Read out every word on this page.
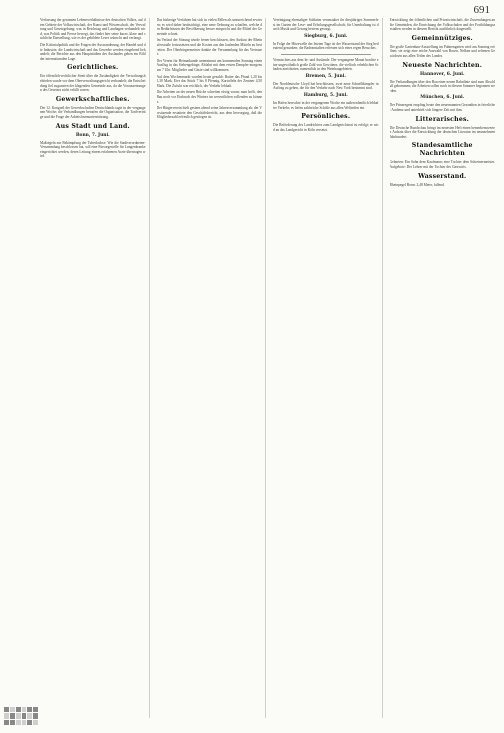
691
Verfassung der gesamten Lebensverhältnisse des deutschen Volkes, auf dem Gebiete der Volkswirtschaft, der Kunst und Wissenschaft, der Verwaltung und Gesetzgebung; was in Reichstag und Landtagen verhandelt wird, was Politik und Presse bewegt, das findet hier seine kurze, klare und sachliche Darstellung, wie es der gebildete Leser wünscht und verlangt.
Die Kolonialpolitik und die Fragen der Auswanderung, der Handel und die Industrie, die Landwirtschaft und das Gewerbe werden eingehend behandelt; die Berichte aus den Hauptstädten des Auslandes geben ein Bild der internationalen Lage.
Gerichtliches.
Ein öffentlich-rechtlicher Streit über die Zuständigkeit der Verwaltungsbehörden wurde vor dem Oberverwaltungsgericht verhandelt; die Entscheidung fiel zugunsten der klagenden Gemeinde aus, da die Voraussetzungen des Gesetzes nicht erfüllt waren.
Gewerkschaftliches.
Der 12. Kongreß der Gewerkschaften Deutschlands tagte in der vergangenen Woche; die Verhandlungen betrafen die Organisation, die Tarifverträge und die Frage der Arbeitslosenunterstützung.
Aus Stadt und Land.
Bonn, 7. Juni.
Maßregeln zur Bekämpfung der Tuberkulose. Wie die Stadtverordneten-Versammlung beschlossen hat, soll eine Fürsorgestelle für Lungenkranke eingerichtet werden, deren Leitung einem erfahrenen Arzte übertragen wird.
Das bisherige Verfahren hat sich in vielen Fällen als unzureichend erwiesen; es wird daher beabsichtigt, eine neue Ordnung zu schaffen, welche den Bedürfnissen der Bevölkerung besser entspricht und die Mittel der Gemeinde schont.
Im Verlauf der Sitzung wurde ferner beschlossen, den Ausbau der Rheinuferstraße fortzusetzen und die Kosten aus den laufenden Mitteln zu bestreiten. Der Oberbürgermeister dankte der Versammlung für das Vertrauen.
Der Verein für Heimatkunde unternimmt am kommenden Sonntag einen Ausflug in das Siebengebirge; Abfahrt mit dem ersten Dampfer morgens um 7 Uhr. Mitglieder und Gäste sind willkommen.
Auf dem Wochenmarkt wurden heute gezahlt: Butter das Pfund 1,20 bis 1,30 Mark, Eier das Stück 7 bis 8 Pfennig, Kartoffeln der Zentner 4,50 Mark. Die Zufuhr war reichlich, der Verkehr lebhaft.
Die Arbeiten an der neuen Brücke schreiten rüstig voran; man hofft, den Bau noch vor Einbruch des Winters im wesentlichen vollenden zu können.
Der Bürgerverein hielt gestern abend seine Jahresversammlung ab; der Vorsitzende erstattete den Geschäftsbericht, aus dem hervorging, daß die Mitgliederzahl erfreulich gestiegen ist.
Vereinigung ehemaliger Soldaten veranstaltet ihr diesjähriges Sommerfest im Garten der Lese- und Erholungsgesellschaft; für Unterhaltung ist durch Musik und Gesang bestens gesorgt.
Siegburg, 6. Juni.
In Folge der Hitzewelle der letzten Tage ist der Wasserstand der Sieg bedeutend gesunken; die Badeanstalten erfreuen sich eines regen Besuches.
Vermischtes aus dem In- und Auslande. Der vergangene Monat brachte eine ungewöhnlich große Zahl von Gewittern, die vielfach erheblichen Schaden anrichteten, namentlich in den Weinbaugebieten.
Bremen, 5. Juni.
Der Norddeutsche Lloyd hat beschlossen, zwei neue Schnelldampfer in Auftrag zu geben, die für den Verkehr nach New York bestimmt sind.
Hamburg, 5. Juni.
Im Hafen herrschte in der vergangenen Woche ein außerordentlich lebhafter Verkehr; es liefen zahlreiche Schiffe aus allen Weltteilen ein.
Persönliches.
Die Beförderung des Landrichters zum Landgerichtsrat ist erfolgt; er wird an das Landgericht in Köln versetzt.
Entwicklung der öffentlichen und Privatwirtschaft, die Zuwendungen an die Gemeinden, die Einrichtung der Volksschulen und der Fortbildungsanstalten werden in diesem Bericht ausführlich dargestellt.
Gemeinnütziges.
Die große Gartenbau-Ausstellung im Palmengarten wird am Sonntag eröffnet; sie zeigt eine reiche Auswahl von Rosen, Nelken und seltenen Gewächsen aus allen Teilen des Landes.
Neueste Nachrichten.
Hannover, 6. Juni.
Die Verhandlungen über den Bau einer neuen Bahnlinie sind zum Abschluß gekommen; die Arbeiten sollen noch in diesem Sommer begonnen werden.
München, 6. Juni.
Der Prinzregent empfing heute den neuernannten Gesandten in feierlicher Audienz und unterhielt sich längere Zeit mit ihm.
Litterarisches.
Die Deutsche Rundschau bringt im neuesten Heft einen bemerkenswerten Aufsatz über die Entwicklung der deutschen Literatur im neunzehnten Jahrhundert.
Standesamtliche Nachrichten
Geburten: Ein Sohn dem Kaufmann; eine Tochter dem Schreinermeister. Aufgebote: Der Lehrer mit der Tochter des Gastwirts.
Wasserstand.
Rheinpegel Bonn: 2,48 Meter, fallend.
